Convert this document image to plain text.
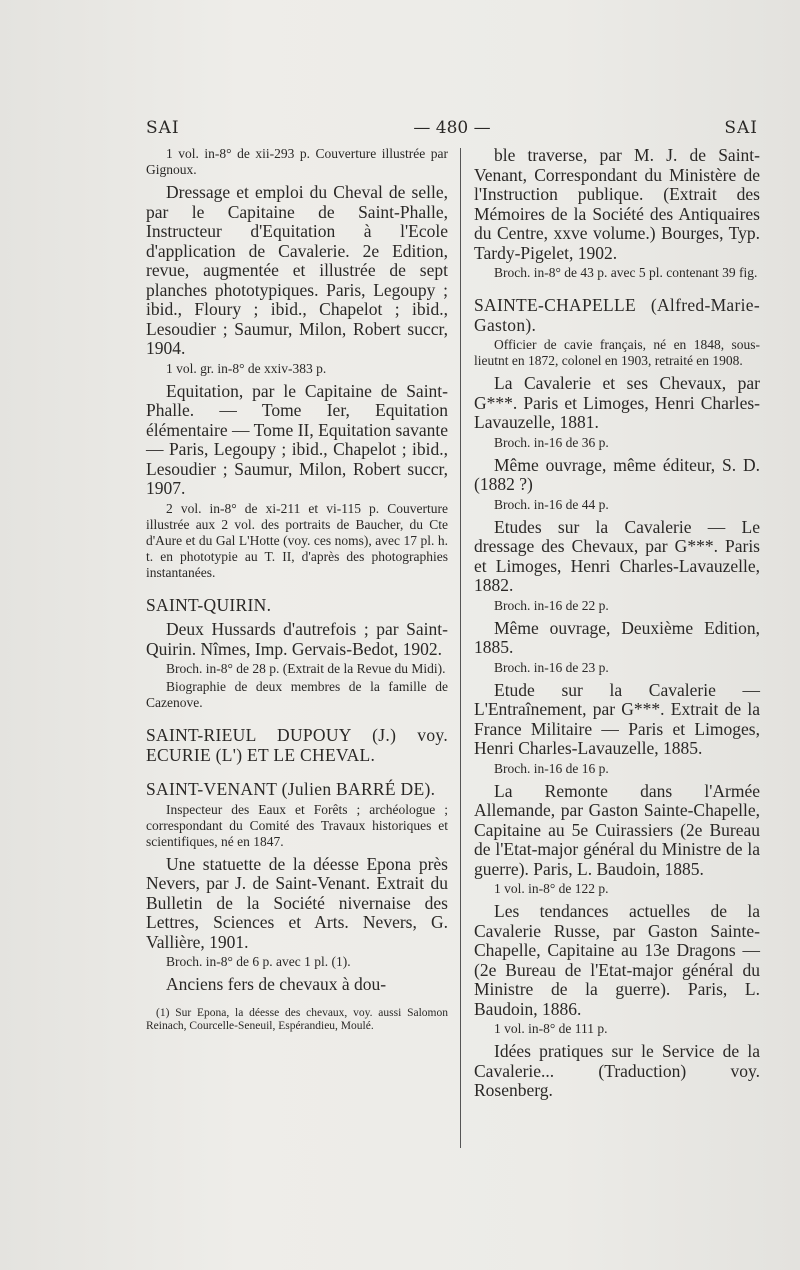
SAI	— 480 —	SAI

1 vol. in-8° de xii-293 p. Couverture illustrée par Gignoux.

Dressage et emploi du Cheval de selle, par le Capitaine de Saint-Phalle, Instructeur d'Equitation à l'Ecole d'application de Cavalerie. 2e Edition, revue, augmentée et illustrée de sept planches phototypiques. Paris, Legoupy ; ibid., Floury ; ibid., Chapelot ; ibid., Lesoudier ; Saumur, Milon, Robert succr, 1904.

1 vol. gr. in-8° de xxiv-383 p.

Equitation, par le Capitaine de Saint-Phalle. — Tome Ier, Equitation élémentaire — Tome II, Equitation savante — Paris, Legoupy ; ibid., Chapelot ; ibid., Lesoudier ; Saumur, Milon, Robert succr, 1907.

2 vol. in-8° de xi-211 et vi-115 p. Couverture illustrée aux 2 vol. des portraits de Baucher, du Cte d'Aure et du Gal L'Hotte (voy. ces noms), avec 17 pl. h. t. en phototypie au T. II, d'après des photographies instantanées.

SAINT-QUIRIN.

Deux Hussards d'autrefois ; par Saint-Quirin. Nîmes, Imp. Gervais-Bedot, 1902.

Broch. in-8° de 28 p. (Extrait de la Revue du Midi).

Biographie de deux membres de la famille de Cazenove.

SAINT-RIEUL DUPOUY (J.) voy. ECURIE (L') ET LE CHEVAL.

SAINT-VENANT (Julien BARRÉ DE).

Inspecteur des Eaux et Forêts ; archéologue ; correspondant du Comité des Travaux historiques et scientifiques, né en 1847.

Une statuette de la déesse Epona près Nevers, par J. de Saint-Venant. Extrait du Bulletin de la Société nivernaise des Lettres, Sciences et Arts. Nevers, G. Vallière, 1901.

Broch. in-8° de 6 p. avec 1 pl. (1).

Anciens fers de chevaux à dou-

(1) Sur Epona, la déesse des chevaux, voy. aussi Salomon Reinach, Courcelle-Seneuil, Espérandieu, Moulé.

ble traverse, par M. J. de Saint-Venant, Correspondant du Ministère de l'Instruction publique. (Extrait des Mémoires de la Société des Antiquaires du Centre, xxve volume.) Bourges, Typ. Tardy-Pigelet, 1902.

Broch. in-8° de 43 p. avec 5 pl. contenant 39 fig.

SAINTE-CHAPELLE (Alfred-Marie-Gaston).

Officier de cavie français, né en 1848, sous-lieutnt en 1872, colonel en 1903, retraité en 1908.

La Cavalerie et ses Chevaux, par G***. Paris et Limoges, Henri Charles-Lavauzelle, 1881.

Broch. in-16 de 36 p.

Même ouvrage, même éditeur, S. D. (1882 ?)

Broch. in-16 de 44 p.

Etudes sur la Cavalerie — Le dressage des Chevaux, par G***. Paris et Limoges, Henri Charles-Lavauzelle, 1882.

Broch. in-16 de 22 p.

Même ouvrage, Deuxième Edition, 1885.

Broch. in-16 de 23 p.

Etude sur la Cavalerie — L'Entraînement, par G***. Extrait de la France Militaire — Paris et Limoges, Henri Charles-Lavauzelle, 1885.

Broch. in-16 de 16 p.

La Remonte dans l'Armée Allemande, par Gaston Sainte-Chapelle, Capitaine au 5e Cuirassiers (2e Bureau de l'Etat-major général du Ministre de la guerre). Paris, L. Baudoin, 1885.

1 vol. in-8° de 122 p.

Les tendances actuelles de la Cavalerie Russe, par Gaston Sainte-Chapelle, Capitaine au 13e Dragons — (2e Bureau de l'Etat-major général du Ministre de la guerre). Paris, L. Baudoin, 1886.

1 vol. in-8° de 111 p.

Idées pratiques sur le Service de la Cavalerie... (Traduction) voy. Rosenberg.
